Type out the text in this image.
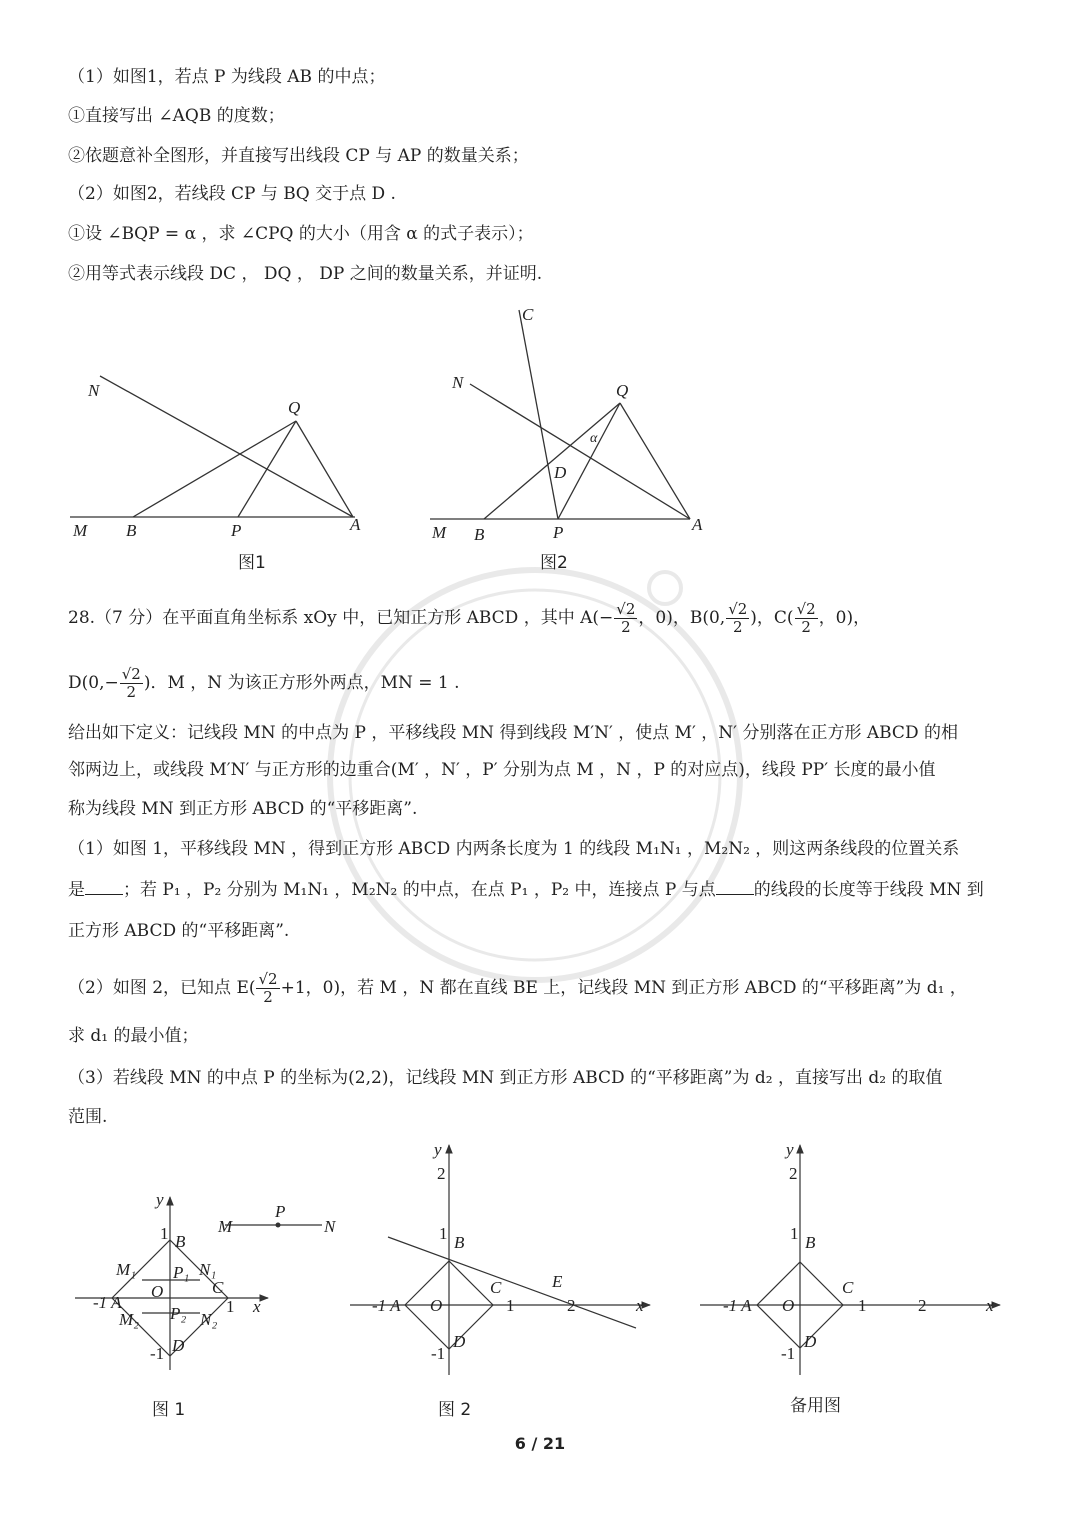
（1）如图1，若点 P 为线段 AB 的中点；
①直接写出 ∠AQB 的度数；
②依题意补全图形，并直接写出线段 CP 与 AP 的数量关系；
（2）如图2，若线段 CP 与 BQ 交于点 D .
①设 ∠BQP = α ，求 ∠CPQ 的大小（用含 α 的式子表示）；
②用等式表示线段 DC ， DQ ， DP 之间的数量关系，并证明.
N
Q
M B	P	A
图1
C
N	Q
α
D
M B	P	A
图2
28.（7 分）在平面直角坐标系 xOy 中，已知正方形 ABCD ，其中 $A(- \frac{√2}{2}$ ，0)，B(0, $\frac{√2}{2}$ )，$C( \frac{√2}{2}$ ，0)，
$D(0,- \frac{√2}{2}$ )．M ，N 为该正方形外两点，MN = 1 .
给出如下定义：记线段 MN 的中点为 P ，平移线段 MN 得到线段 M′N′ ，使点 M′ ，N′ 分别落在正方形 ABCD 的相
邻两边上，或线段 M′N′ 与正方形的边重合(M′ ，N′ ，P′ 分别为点 M ，N ，P 的对应点)，线段 PP′ 长度的最小值
称为线段 MN 到正方形 ABCD 的“平移距离”.
（1）如图 1，平移线段 MN ，得到正方形 ABCD 内两条长度为 1 的线段 M₁N₁ ，M₂N₂ ，则这两条线段的位置关系
是 ；若 P₁ ，P₂ 分别为 M₁N₁ ，M₂N₂ 的中点，在点 P₁ ，P₂ 中，连接点 P 与点 的线段的长度等于线段 MN 到
正方形 ABCD 的“平移距离”.
（2）如图 2，已知点 $E( \frac{√2}{2} +1$，0)，若 M ，N 都在直线 BE 上，记线段 MN 到正方形 ABCD 的“平移距离”为 d₁ ，
求 d₁ 的最小值；
（3）若线段 MN 的中点 P 的坐标为(2,2)，记线段 MN 到正方形 ABCD 的“平移距离”为 d₂ ，直接写出 d₂ 的取值
范围.
y
1 B
M₁ P₁ N₁
C
-1 A
O
1 x
M₂ P₂ N₂
D
-1
M
P
N
图 1
y
2
1 B
C	E
-1 A O	1	2	x
D
-1
图 2
y
2
1 B
C
-1 A O	1	2	x
D
-1
备用图
6 / 21
